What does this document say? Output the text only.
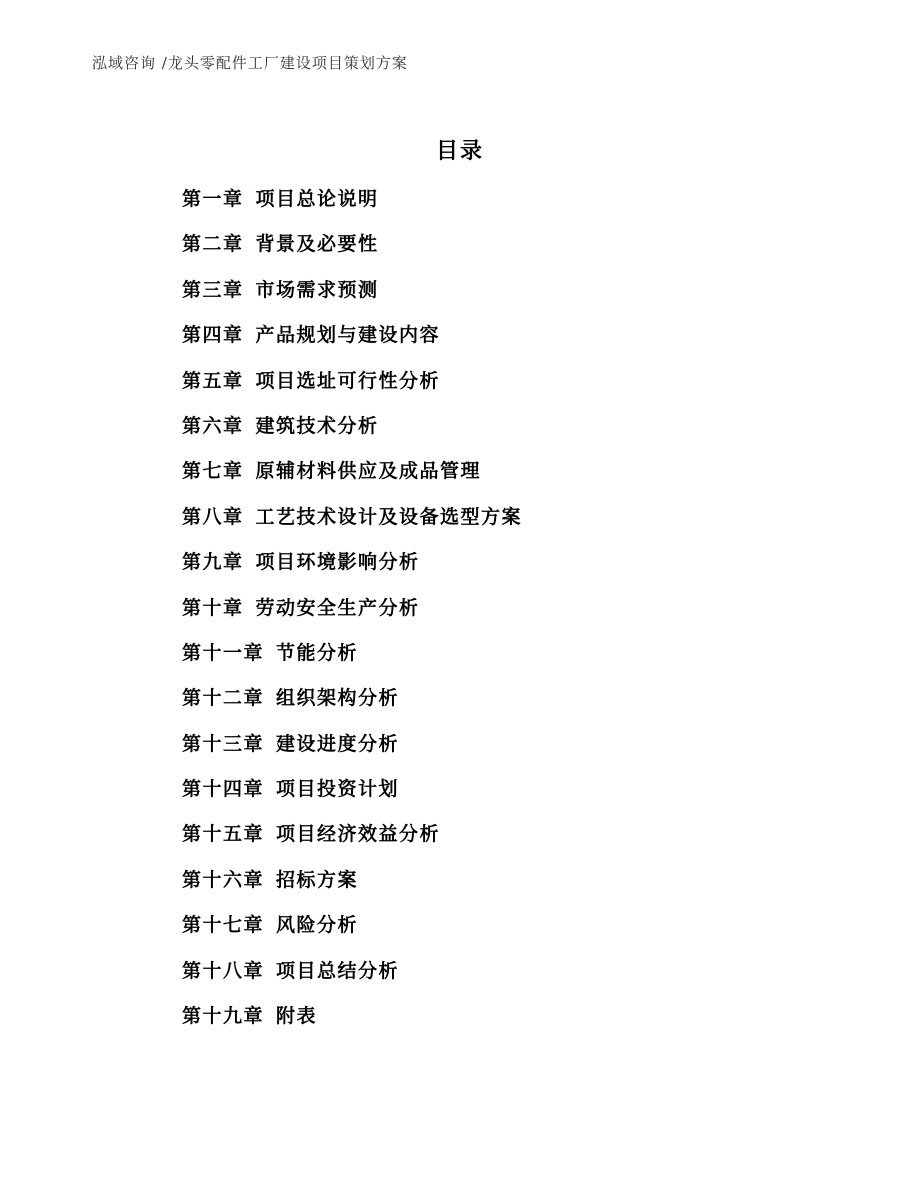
泓域咨询 /龙头零配件工厂建设项目策划方案
目录
第一章 项目总论说明
第二章 背景及必要性
第三章 市场需求预测
第四章 产品规划与建设内容
第五章 项目选址可行性分析
第六章 建筑技术分析
第七章 原辅材料供应及成品管理
第八章 工艺技术设计及设备选型方案
第九章 项目环境影响分析
第十章 劳动安全生产分析
第十一章 节能分析
第十二章 组织架构分析
第十三章 建设进度分析
第十四章 项目投资计划
第十五章 项目经济效益分析
第十六章 招标方案
第十七章 风险分析
第十八章 项目总结分析
第十九章 附表
